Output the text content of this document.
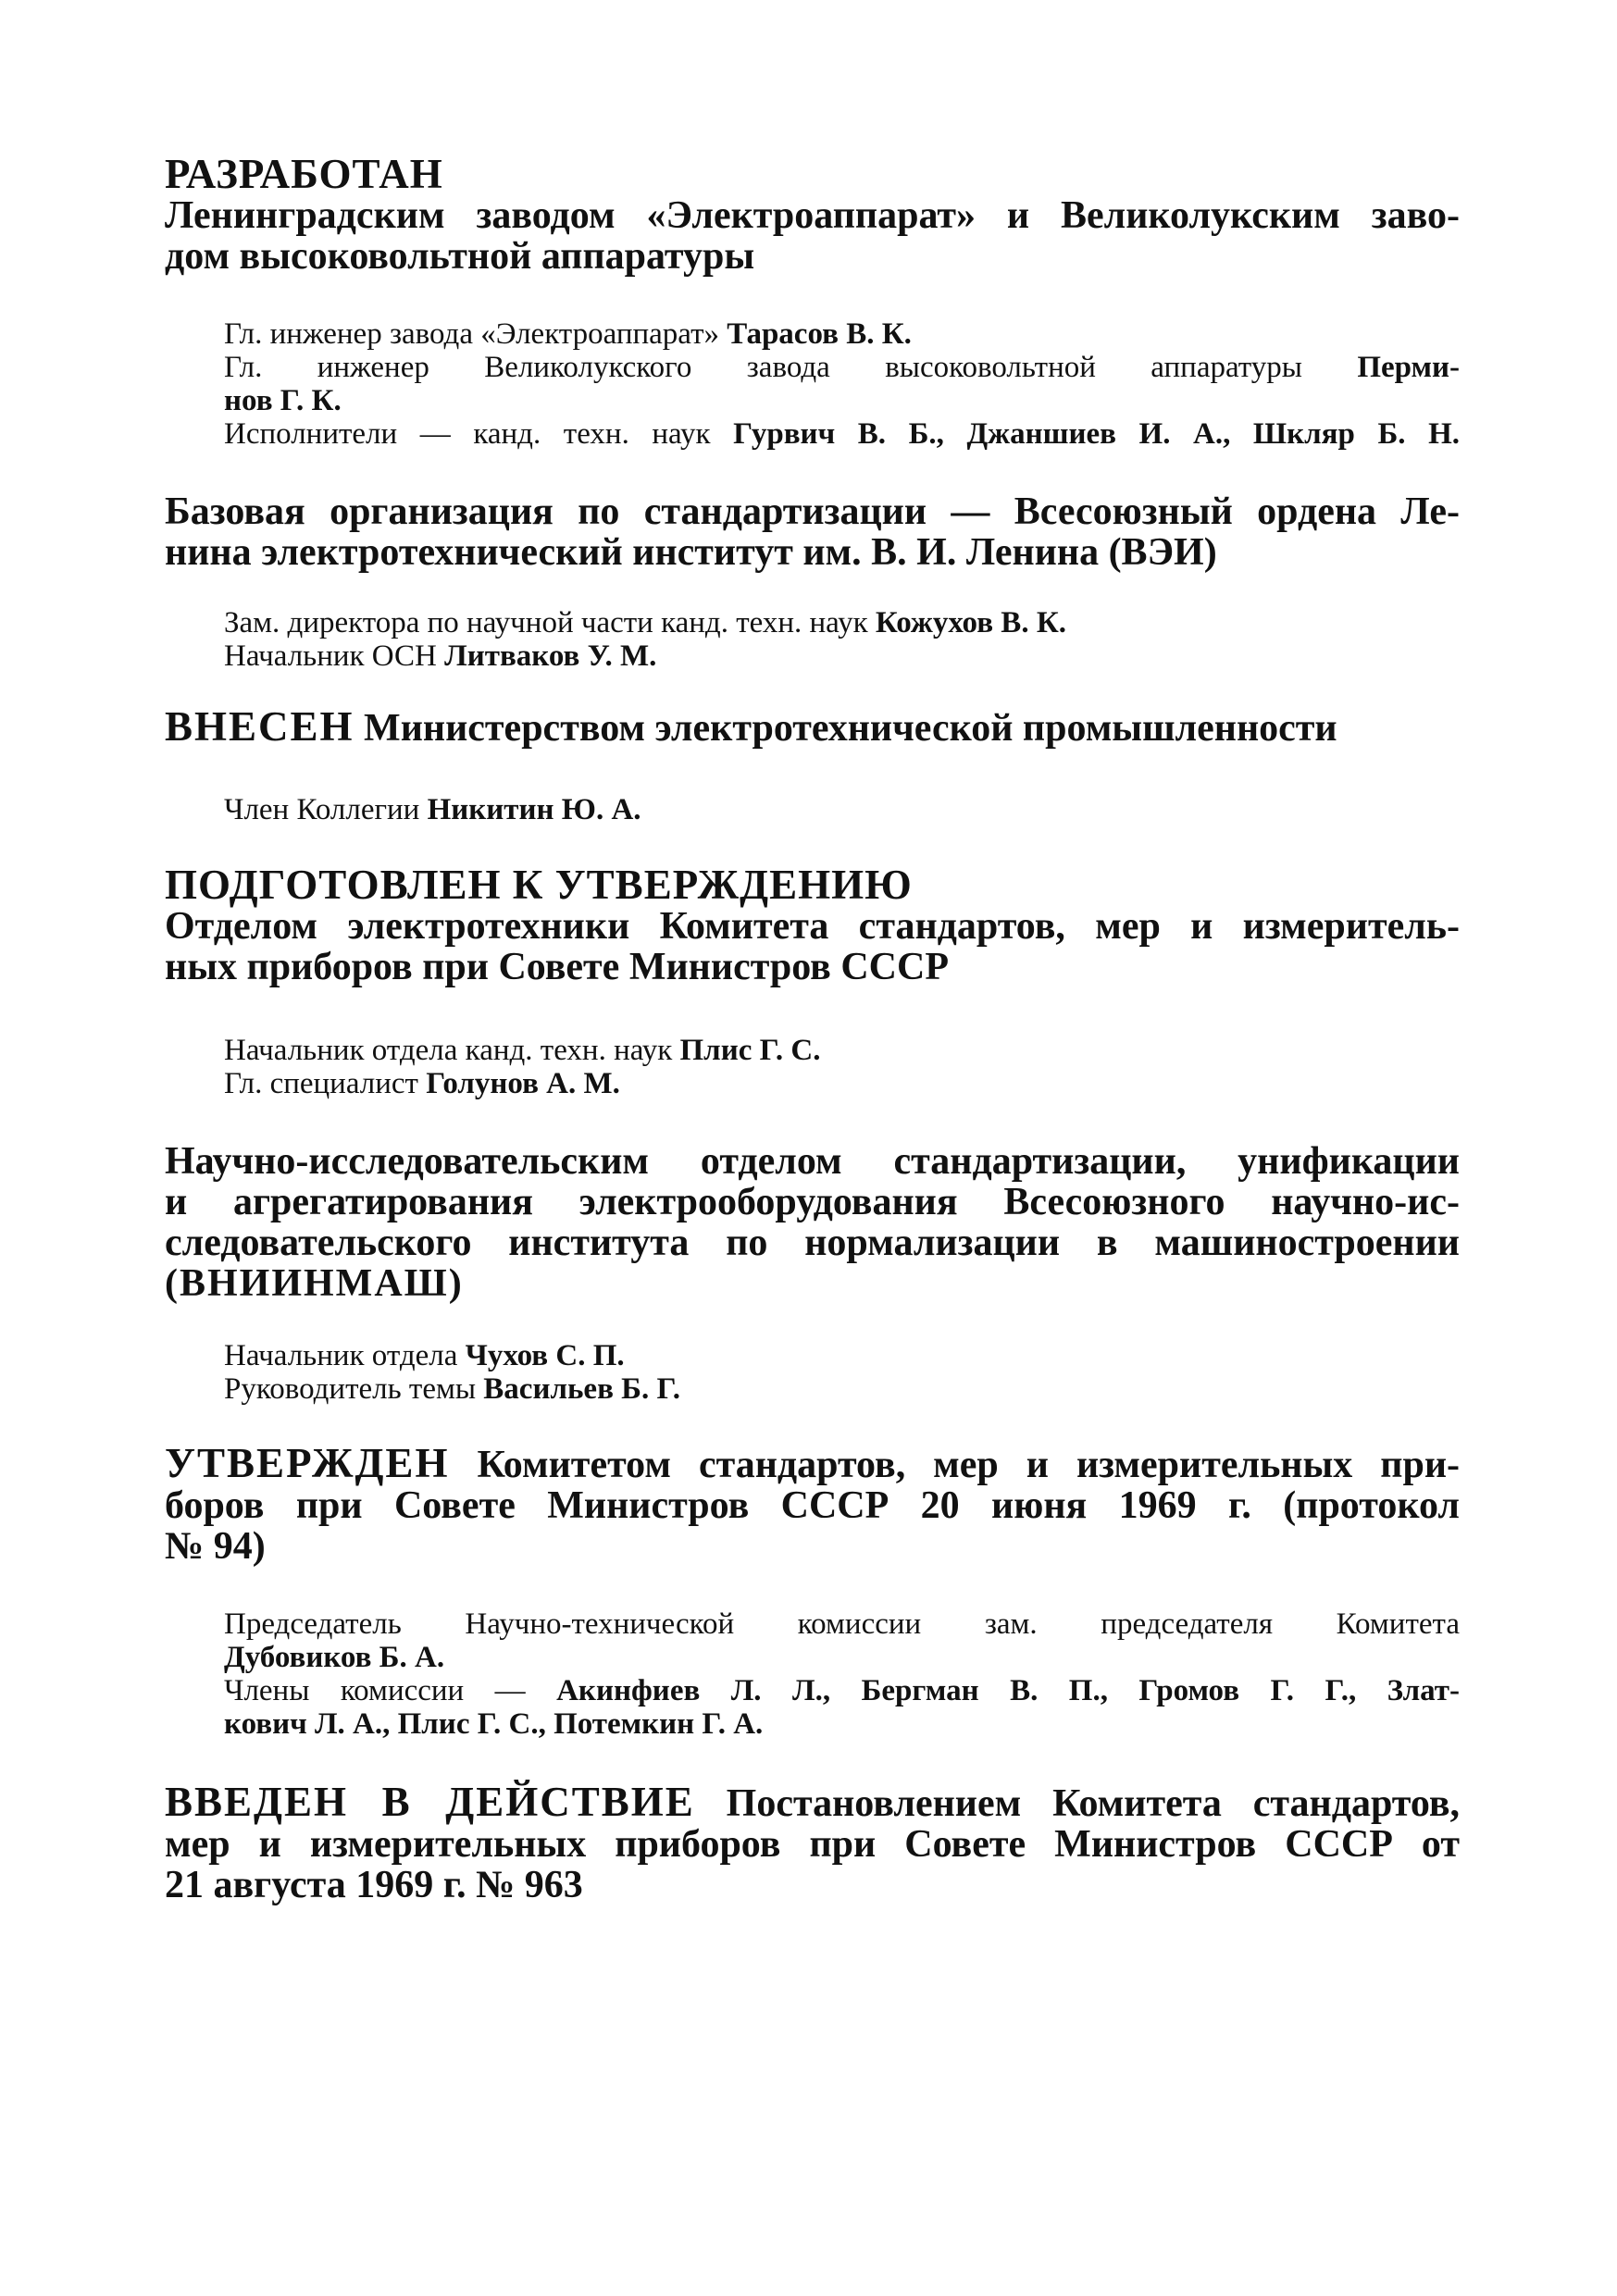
РАЗРАБОТАН
Ленинградским заводом «Электроаппарат» и Великолукским заво-
дом высоковольтной аппаратуры

Гл. инженер завода «Электроаппарат» Тарасов В. К.

Гл. инженер Великолукского завода высоковольтной аппаратуры Перми-

нов Г. К.

Исполнители — канд. техн. наук Гурвич В. Б., Джаншиев И. А., Шкляр Б. Н.

Базовая организация по стандартизации — Всесоюзный ордена Ле-
нина электротехнический институт им. В. И. Ленина (ВЭИ)

Зам. директора по научной части канд. техн. наук Кожухов В. К.

Начальник ОСН Литваков У. М.

ВНЕСЕН Министерством электротехнической промышленности

Член Коллегии Никитин Ю. А.

ПОДГОТОВЛЕН К УТВЕРЖДЕНИЮ
Отделом электротехники Комитета стандартов, мер и измеритель-
ных приборов при Совете Министров СССР

Начальник отдела канд. техн. наук Плис Г. С.

Гл. специалист Голунов А. М.

Научно-исследовательским отделом стандартизации, унификации
и агрегатирования электрооборудования Всесоюзного научно-ис-
следовательского института по нормализации в машиностроении
(ВНИИНМАШ)

Начальник отдела Чухов С. П.

Руководитель темы Васильев Б. Г.

УТВЕРЖДЕН Комитетом стандартов, мер и измерительных при-
боров при Совете Министров СССР 20 июня 1969 г. (протокол
№ 94)

Председатель Научно-технической комиссии зам. председателя Комитета

Дубовиков Б. А.

Члены комиссии — Акинфиев Л. Л., Бергман В. П., Громов Г. Г., Злат-

кович Л. А., Плис Г. С., Потемкин Г. А.

ВВЕДЕН В ДЕЙСТВИЕ Постановлением Комитета стандартов,
мер и измерительных приборов при Совете Министров СССР от
21 августа 1969 г. № 963
